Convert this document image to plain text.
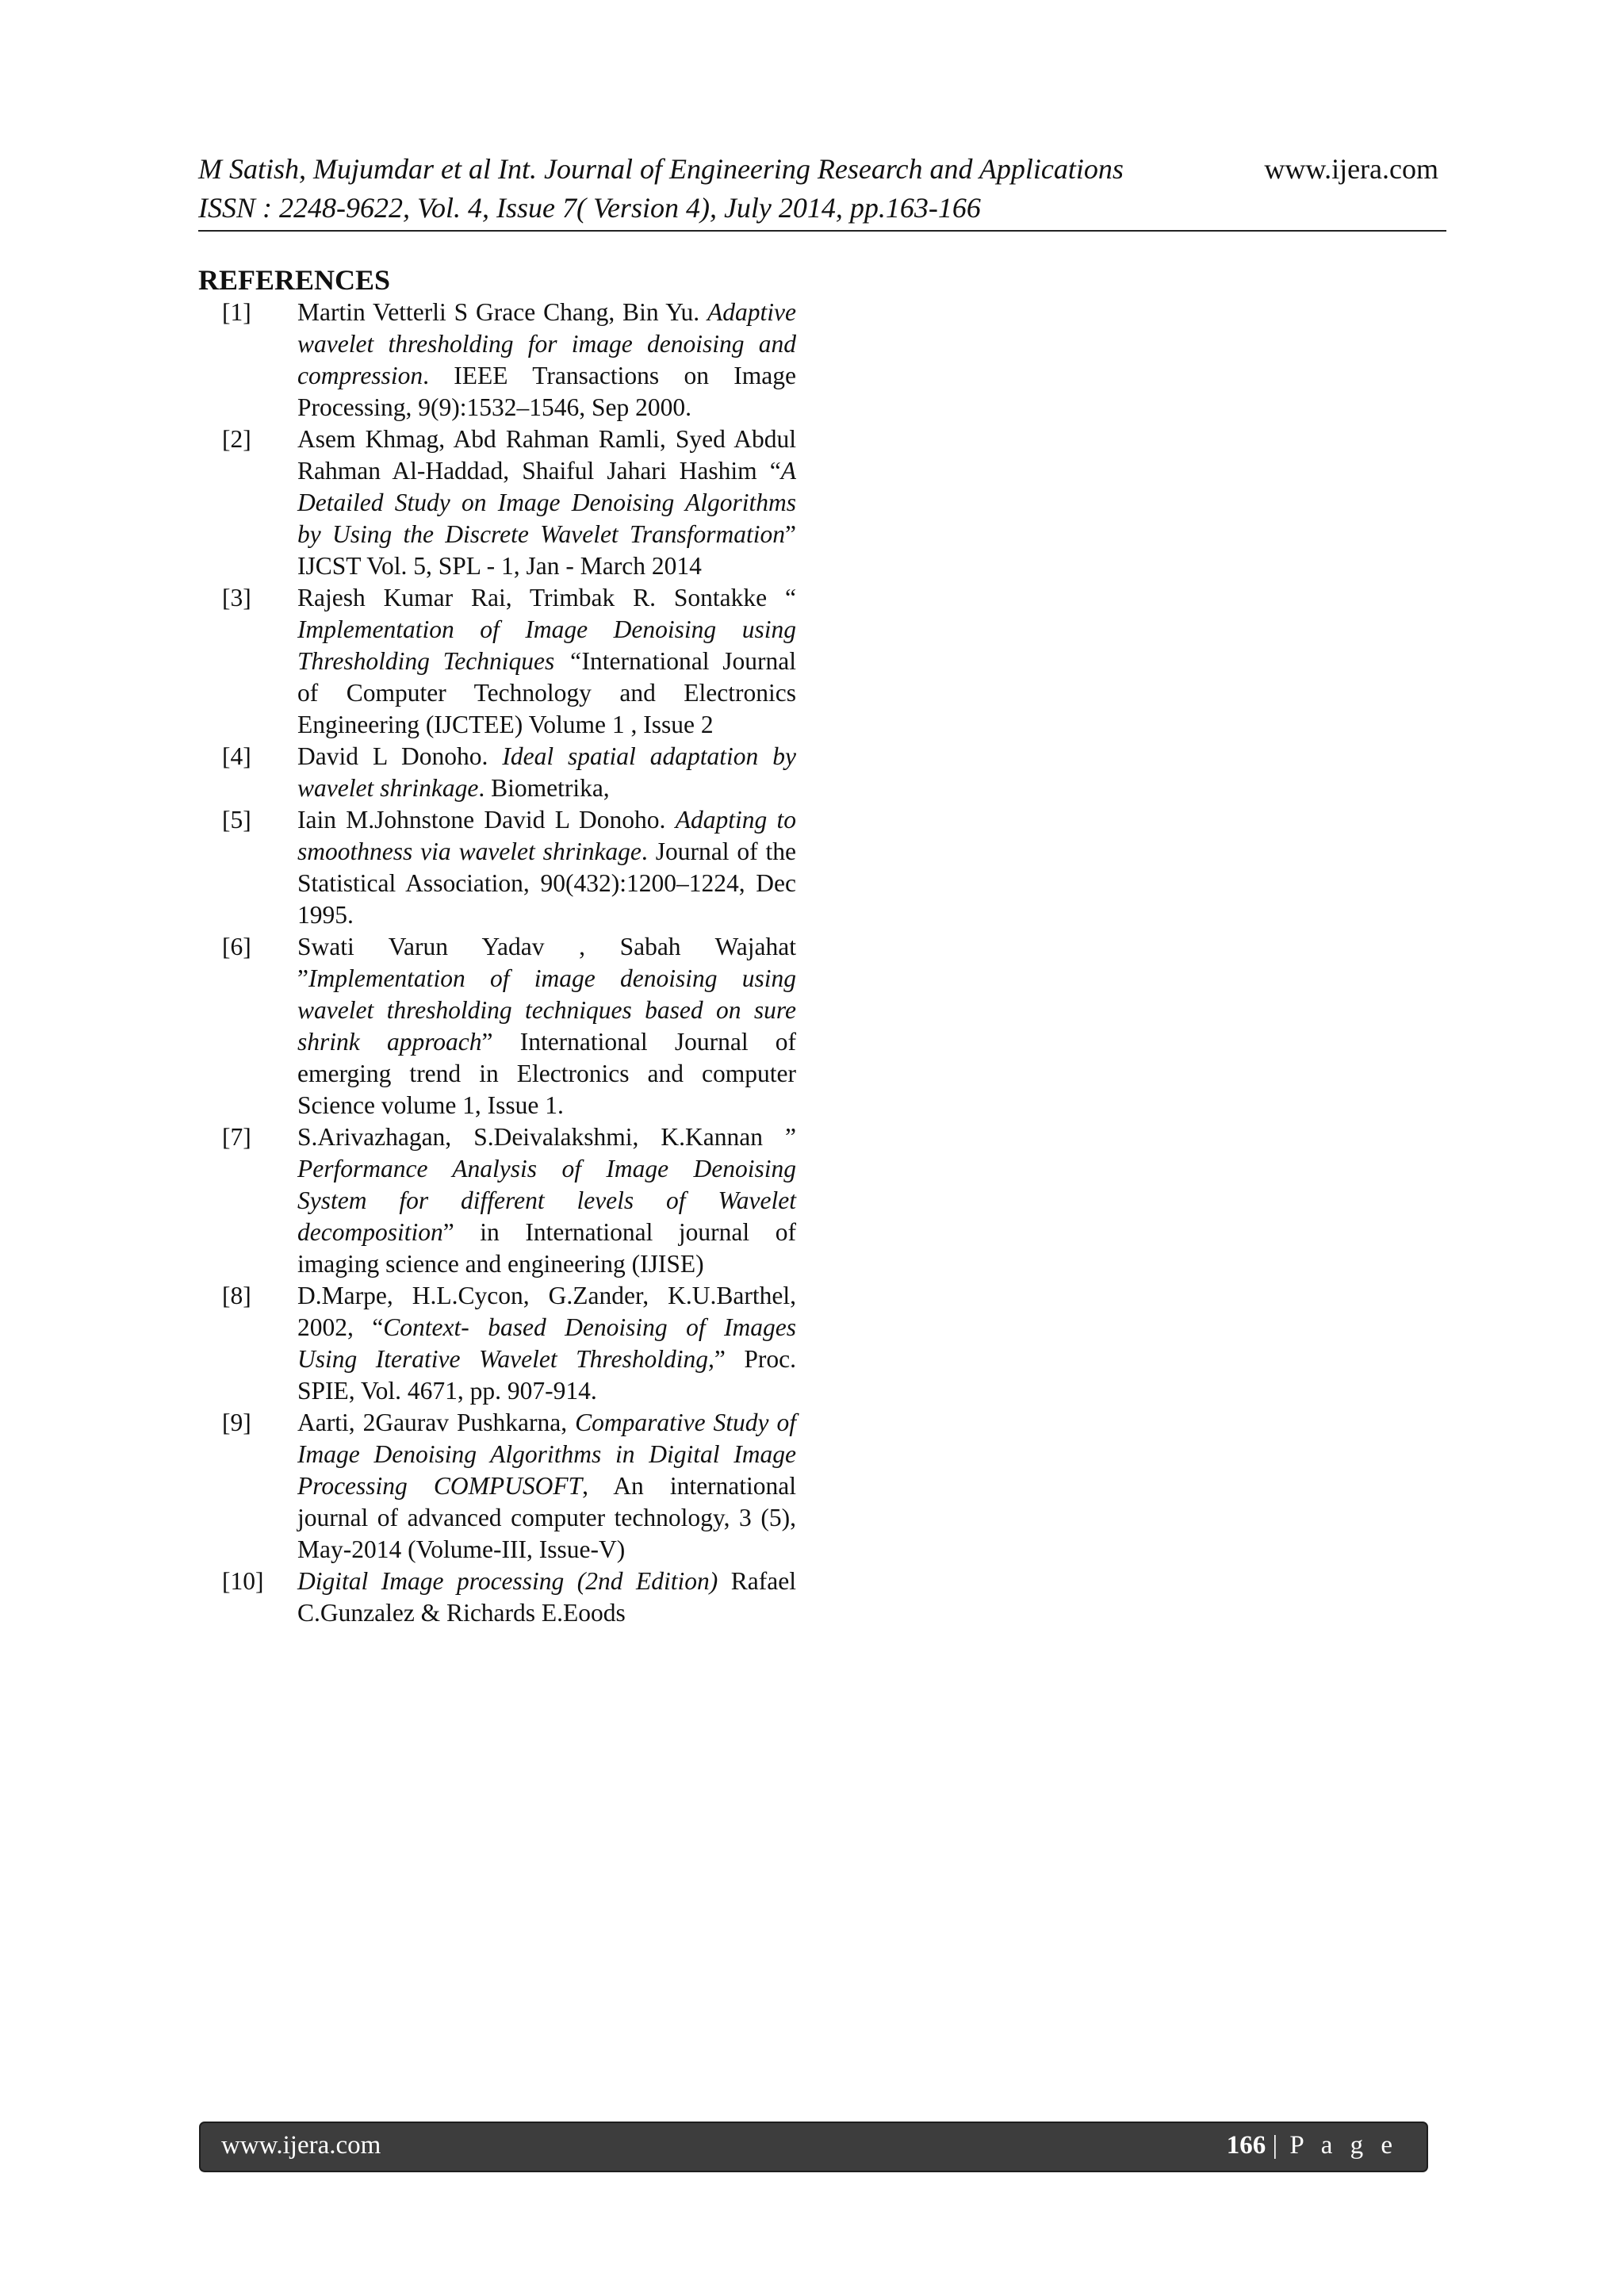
M Satish, Mujumdar et al Int. Journal of Engineering Research and Applications	www.ijera.com
ISSN : 2248-9622, Vol. 4, Issue 7( Version 4), July 2014, pp.163-166
REFERENCES
[1]	Martin Vetterli S Grace Chang, Bin Yu. Adaptive wavelet thresholding for image denoising and compression. IEEE Transactions on Image Processing, 9(9):1532–1546, Sep 2000.
[2]	Asem Khmag, Abd Rahman Ramli, Syed Abdul Rahman Al-Haddad, Shaiful Jahari Hashim “A Detailed Study on Image Denoising Algorithms by Using the Discrete Wavelet Transformation” IJCST Vol. 5, SPL - 1, Jan - March 2014
[3]	Rajesh Kumar Rai, Trimbak R. Sontakke “ Implementation of Image Denoising using Thresholding Techniques “International Journal of Computer Technology and Electronics Engineering (IJCTEE) Volume 1 , Issue 2
[4]	David L Donoho. Ideal spatial adaptation by wavelet shrinkage. Biometrika,
[5]	Iain M.Johnstone David L Donoho. Adapting to smoothness via wavelet shrinkage. Journal of the Statistical Association, 90(432):1200–1224, Dec 1995.
[6]	Swati Varun Yadav , Sabah Wajahat ”Implementation of image denoising using wavelet thresholding techniques based on sure shrink approach” International Journal of emerging trend in Electronics and computer Science volume 1, Issue 1.
[7]	S.Arivazhagan, S.Deivalakshmi, K.Kannan ” Performance Analysis of Image Denoising System for different levels of Wavelet decomposition” in International journal of imaging science and engineering (IJISE)
[8]	D.Marpe, H.L.Cycon, G.Zander, K.U.Barthel, 2002, “Context- based Denoising of Images Using Iterative Wavelet Thresholding,” Proc. SPIE, Vol. 4671, pp. 907-914.
[9]	Aarti, 2Gaurav Pushkarna, Comparative Study of Image Denoising Algorithms in Digital Image Processing COMPUSOFT, An international journal of advanced computer technology, 3 (5), May-2014 (Volume-III, Issue-V)
[10]	Digital Image processing (2nd Edition) Rafael C.Gunzalez & Richards E.Eoods
www.ijera.com	166 | P a g e
